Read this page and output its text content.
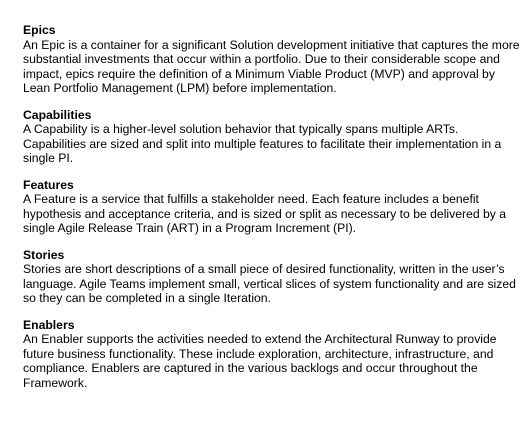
Epics
An Epic is a container for a significant Solution development initiative that captures the more substantial investments that occur within a portfolio. Due to their considerable scope and impact, epics require the definition of a Minimum Viable Product (MVP) and approval by Lean Portfolio Management (LPM) before implementation.
Capabilities
A Capability is a higher-level solution behavior that typically spans multiple ARTs. Capabilities are sized and split into multiple features to facilitate their implementation in a single PI.
Features
A Feature is a service that fulfills a stakeholder need. Each feature includes a benefit hypothesis and acceptance criteria, and is sized or split as necessary to be delivered by a single Agile Release Train (ART) in a Program Increment (PI).
Stories
Stories are short descriptions of a small piece of desired functionality, written in the user’s language. Agile Teams implement small, vertical slices of system functionality and are sized so they can be completed in a single Iteration.
Enablers
An Enabler supports the activities needed to extend the Architectural Runway to provide future business functionality. These include exploration, architecture, infrastructure, and compliance. Enablers are captured in the various backlogs and occur throughout the Framework.
